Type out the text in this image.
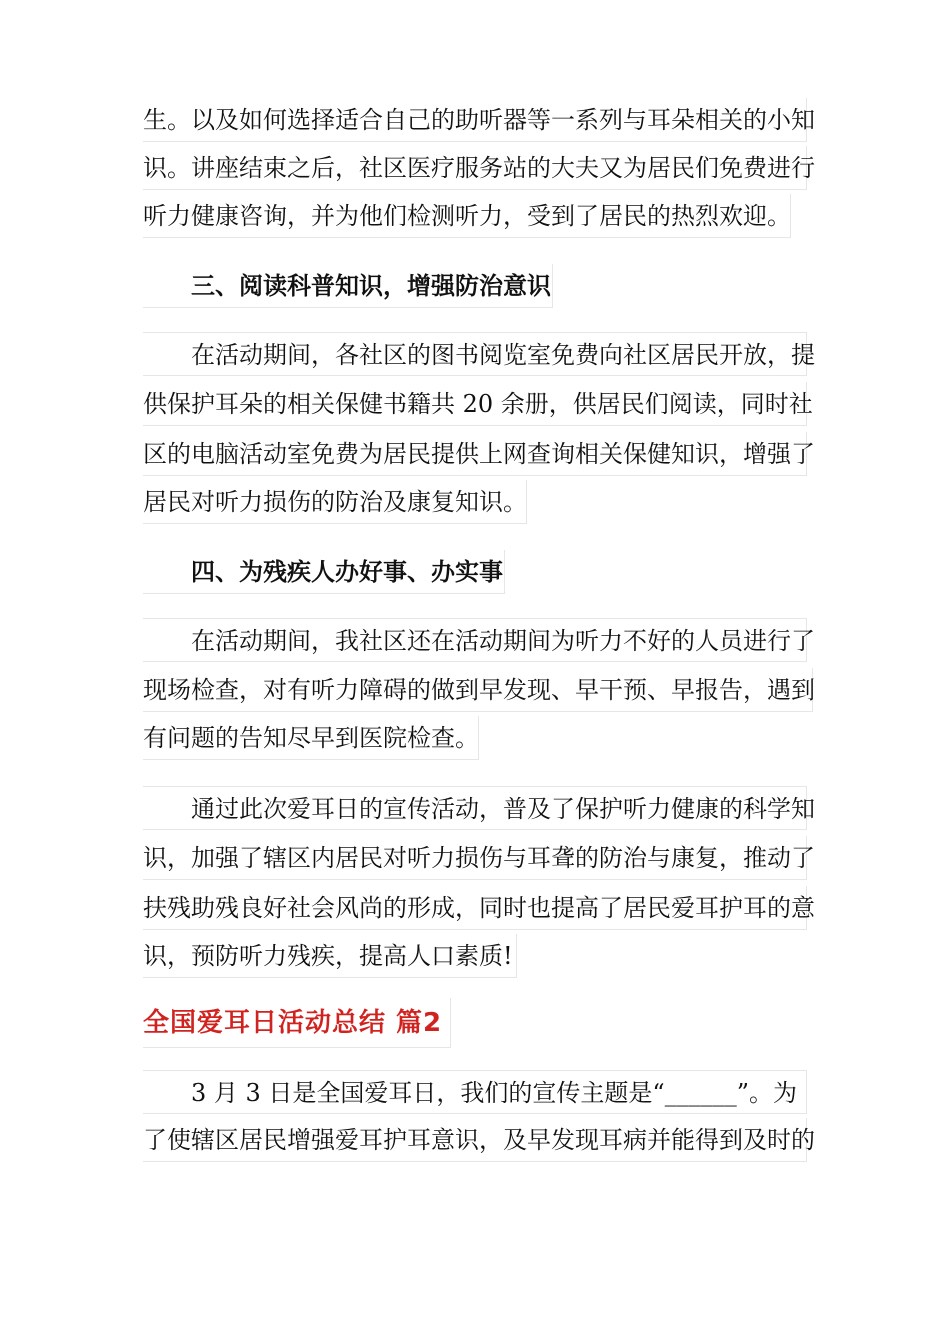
生。以及如何选择适合自己的助听器等一系列与耳朵相关的小知
识。讲座结束之后，社区医疗服务站的大夫又为居民们免费进行
听力健康咨询，并为他们检测听力，受到了居民的热烈欢迎。
三、阅读科普知识，增强防治意识
在活动期间，各社区的图书阅览室免费向社区居民开放，提
供保护耳朵的相关保健书籍共 20 余册，供居民们阅读，同时社
区的电脑活动室免费为居民提供上网查询相关保健知识，增强了
居民对听力损伤的防治及康复知识。
四、为残疾人办好事、办实事
在活动期间，我社区还在活动期间为听力不好的人员进行了
现场检查，对有听力障碍的做到早发现、早干预、早报告，遇到
有问题的告知尽早到医院检查。
通过此次爱耳日的宣传活动，普及了保护听力健康的科学知
识，加强了辖区内居民对听力损伤与耳聋的防治与康复，推动了
扶残助残良好社会风尚的形成，同时也提高了居民爱耳护耳的意
识，预防听力残疾，提高人口素质!
全国爱耳日活动总结 篇2
3 月 3 日是全国爱耳日，我们的宣传主题是“______”。为
了使辖区居民增强爱耳护耳意识，及早发现耳病并能得到及时的
